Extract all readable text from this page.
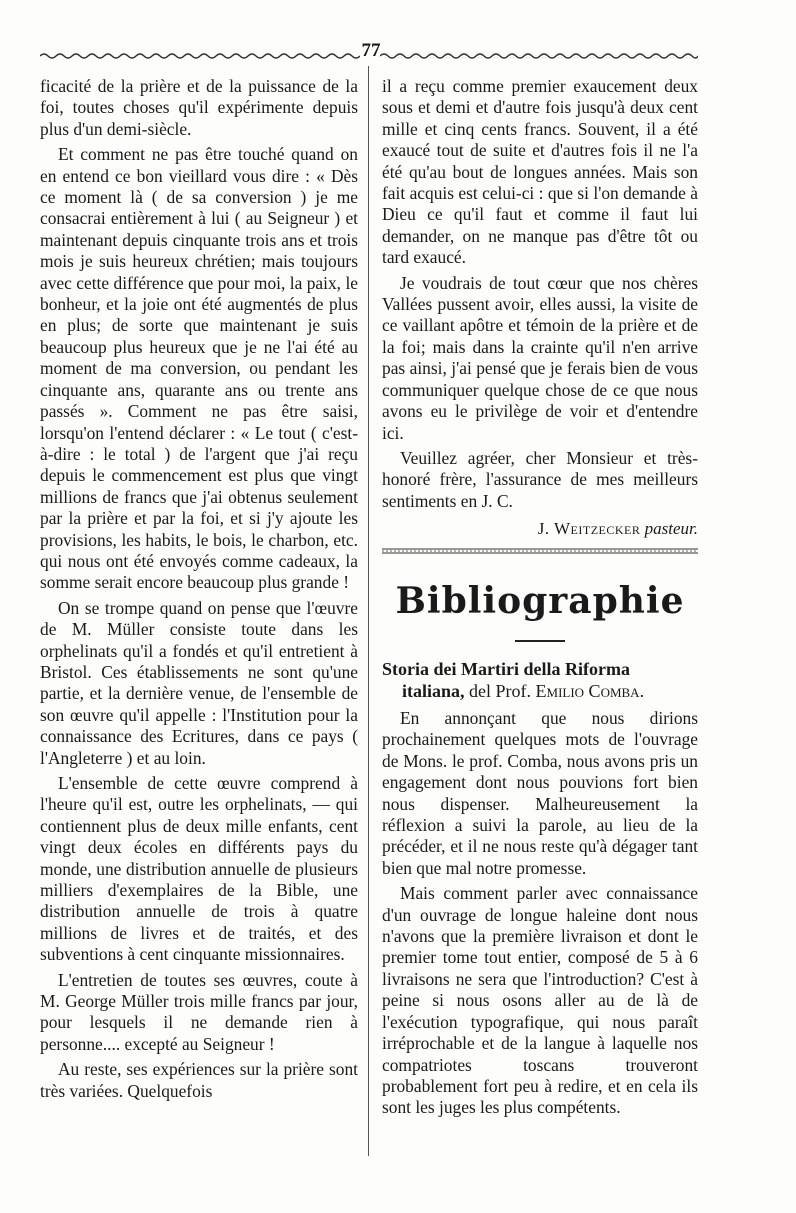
77

ficacité de la prière et de la puissance de la foi, toutes choses qu'il expérimente depuis plus d'un demi-siècle.

Et comment ne pas être touché quand on en entend ce bon vieillard vous dire : « Dès ce moment là ( de sa conversion ) je me consacrai entièrement à lui ( au Seigneur ) et maintenant depuis cinquante trois ans et trois mois je suis heureux chrétien; mais toujours avec cette différence que pour moi, la paix, le bonheur, et la joie ont été augmentés de plus en plus; de sorte que maintenant je suis beaucoup plus heureux que je ne l'ai été au moment de ma conversion, ou pendant les cinquante ans, quarante ans ou trente ans passés ». Comment ne pas être saisi, lorsqu'on l'entend déclarer : « Le tout ( c'est-à-dire : le total ) de l'argent que j'ai reçu depuis le commencement est plus que vingt millions de francs que j'ai obtenus seulement par la prière et par la foi, et si j'y ajoute les provisions, les habits, le bois, le charbon, etc. qui nous ont été envoyés comme cadeaux, la somme serait encore beaucoup plus grande !

On se trompe quand on pense que l'œuvre de M. Müller consiste toute dans les orphelinats qu'il a fondés et qu'il entretient à Bristol. Ces établissements ne sont qu'une partie, et la dernière venue, de l'ensemble de son œuvre qu'il appelle : l'Institution pour la connaissance des Ecritures, dans ce pays ( l'Angleterre ) et au loin.

L'ensemble de cette œuvre comprend à l'heure qu'il est, outre les orphelinats, — qui contiennent plus de deux mille enfants, cent vingt deux écoles en différents pays du monde, une distribution annuelle de plusieurs milliers d'exemplaires de la Bible, une distribution annuelle de trois à quatre millions de livres et de traités, et des subventions à cent cinquante missionnaires.

L'entretien de toutes ses œuvres, coute à M. George Müller trois mille francs par jour, pour lesquels il ne demande rien à personne.... excepté au Seigneur !

Au reste, ses expériences sur la prière sont très variées. Quelquefois

il a reçu comme premier exaucement deux sous et demi et d'autre fois jusqu'à deux cent mille et cinq cents francs. Souvent, il a été exaucé tout de suite et d'autres fois il ne l'a été qu'au bout de longues années. Mais son fait acquis est celui-ci : que si l'on demande à Dieu ce qu'il faut et comme il faut lui demander, on ne manque pas d'être tôt ou tard exaucé.

Je voudrais de tout cœur que nos chères Vallées pussent avoir, elles aussi, la visite de ce vaillant apôtre et témoin de la prière et de la foi; mais dans la crainte qu'il n'en arrive pas ainsi, j'ai pensé que je ferais bien de vous communiquer quelque chose de ce que nous avons eu le privilège de voir et d'entendre ici.

Veuillez agréer, cher Monsieur et très-honoré frère, l'assurance de mes meilleurs sentiments en J. C.

J. Weitzecker pasteur.
Bibliographie
Storia dei Martiri della Riforma
italiana, del Prof. Emilio Comba.

En annonçant que nous dirions prochainement quelques mots de l'ouvrage de Mons. le prof. Comba, nous avons pris un engagement dont nous pouvions fort bien nous dispenser. Malheureusement la réflexion a suivi la parole, au lieu de la précéder, et il ne nous reste qu'à dégager tant bien que mal notre promesse.

Mais comment parler avec connaissance d'un ouvrage de longue haleine dont nous n'avons que la première livraison et dont le premier tome tout entier, composé de 5 à 6 livraisons ne sera que l'introduction? C'est à peine si nous osons aller au de là de l'exécution typografique, qui nous paraît irréprochable et de la langue à laquelle nos compatriotes toscans trouveront probablement fort peu à redire, et en cela ils sont les juges les plus compétents.
